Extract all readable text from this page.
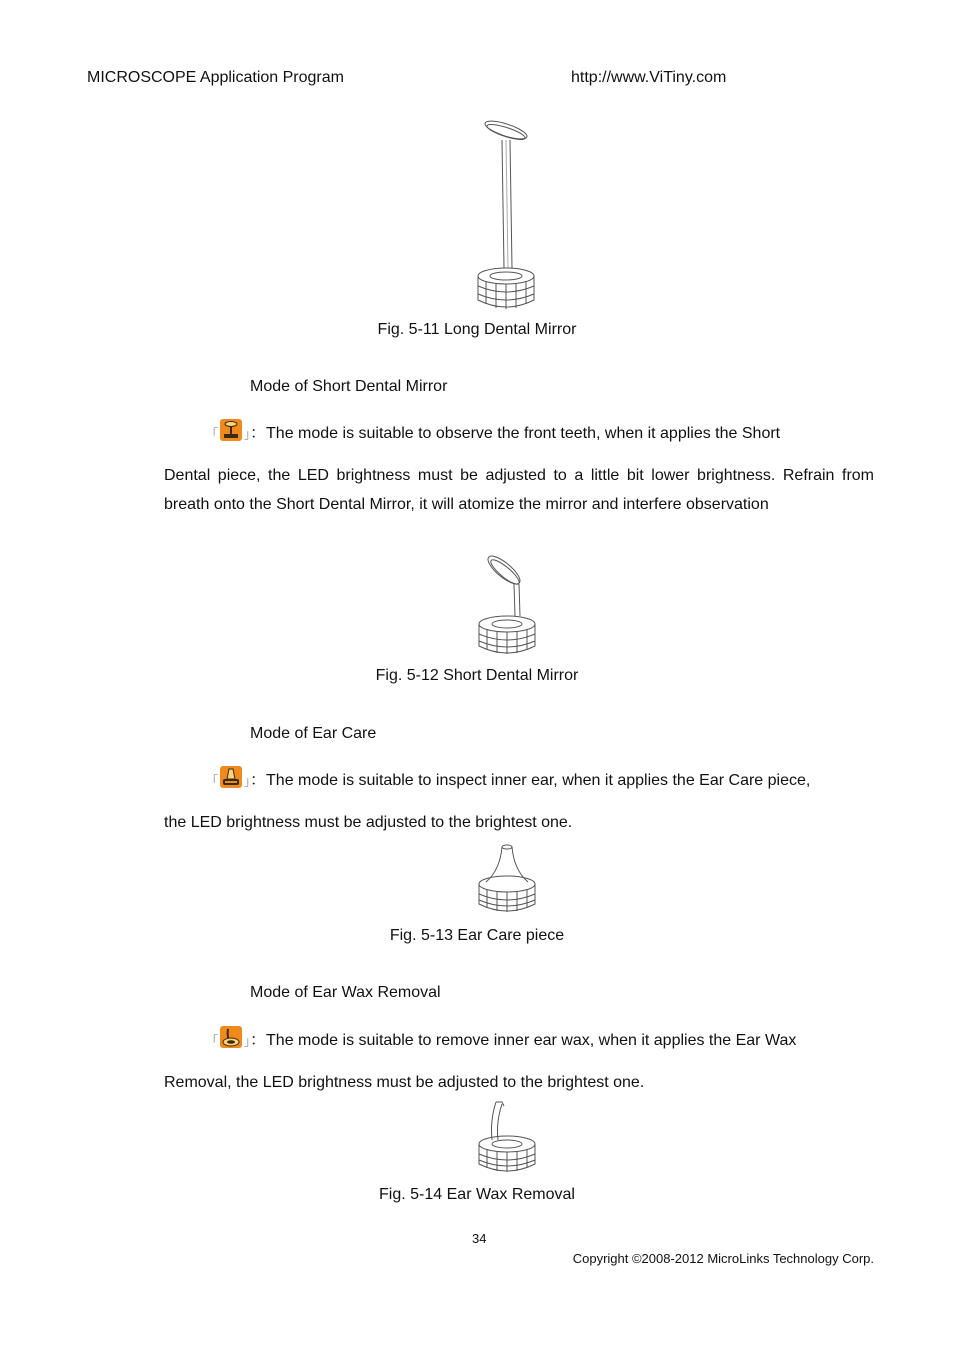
MICROSCOPE Application Program	http://www.ViTiny.com
Fig. 5-11 Long Dental Mirror
Mode of Short Dental Mirror
「 」：The mode is suitable to observe the front teeth, when it applies the Short
Dental piece, the LED brightness must be adjusted to a little bit lower brightness. Refrain from breath onto the Short Dental Mirror, it will atomize the mirror and interfere observation
Fig. 5-12 Short Dental Mirror
Mode of Ear Care
「 」：The mode is suitable to inspect inner ear, when it applies the Ear Care piece,
the LED brightness must be adjusted to the brightest one.
Fig. 5-13 Ear Care piece
Mode of Ear Wax Removal
「 」：The mode is suitable to remove inner ear wax, when it applies the Ear Wax
Removal, the LED brightness must be adjusted to the brightest one.
Fig. 5-14 Ear Wax Removal
34
Copyright ©2008-2012 MicroLinks Technology Corp.
